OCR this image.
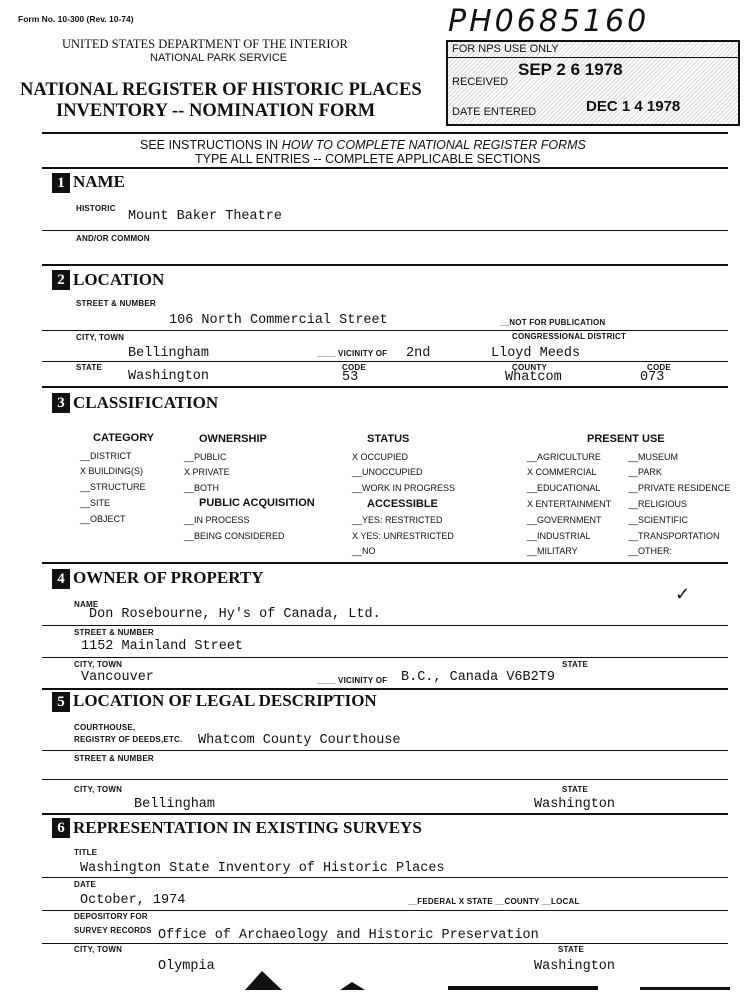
Form No. 10-300 (Rev. 10-74)
UNITED STATES DEPARTMENT OF THE INTERIOR
NATIONAL PARK SERVICE
NATIONAL REGISTER OF HISTORIC PLACES
INVENTORY -- NOMINATION FORM
PH0685160
FOR NPS USE ONLY
RECEIVED
SEP 2 6 1978
DATE ENTERED	DEC 1 4 1978
SEE INSTRUCTIONS IN HOW TO COMPLETE NATIONAL REGISTER FORMS
TYPE ALL ENTRIES -- COMPLETE APPLICABLE SECTIONS
1 NAME
HISTORIC
Mount Baker Theatre
AND/OR COMMON
2 LOCATION
STREET & NUMBER
106 North Commercial Street	__NOT FOR PUBLICATION
CITY, TOWN	CONGRESSIONAL DISTRICT
Bellingham	____ VICINITY OF 2nd	Lloyd Meeds
STATE	CODE	COUNTY	CODE
Washington	53	Whatcom	073
3 CLASSIFICATION
CATEGORY	OWNERSHIP	STATUS	PRESENT USE
__DISTRICT
X BUILDING(S)
__STRUCTURE
__SITE
__OBJECT
__PUBLIC
X PRIVATE
__BOTH
PUBLIC ACQUISITION
__IN PROCESS
__BEING CONSIDERED
X OCCUPIED
__UNOCCUPIED
__WORK IN PROGRESS
ACCESSIBLE
__YES: RESTRICTED
X YES: UNRESTRICTED
__NO
__AGRICULTURE
X COMMERCIAL
__EDUCATIONAL
X ENTERTAINMENT
__GOVERNMENT
__INDUSTRIAL
__MILITARY
__MUSEUM
__PARK
__PRIVATE RESIDENCE
__RELIGIOUS
__SCIENTIFIC
__TRANSPORTATION
__OTHER:
4 OWNER OF PROPERTY
✓
NAME
Don Rosebourne, Hy's of Canada, Ltd.
STREET & NUMBER
1152 Mainland Street
CITY, TOWN	STATE
Vancouver	____ VICINITY OF B.C., Canada V6B2T9
5 LOCATION OF LEGAL DESCRIPTION
COURTHOUSE,
REGISTRY OF DEEDS,ETC. Whatcom County Courthouse
STREET & NUMBER
CITY, TOWN	STATE
Bellingham	Washington
6 REPRESENTATION IN EXISTING SURVEYS
TITLE
Washington State Inventory of Historic Places
DATE
October, 1974	__FEDERAL X STATE __COUNTY __LOCAL
DEPOSITORY FOR
SURVEY RECORDS Office of Archaeology and Historic Preservation
CITY, TOWN	STATE
Olympia	Washington
